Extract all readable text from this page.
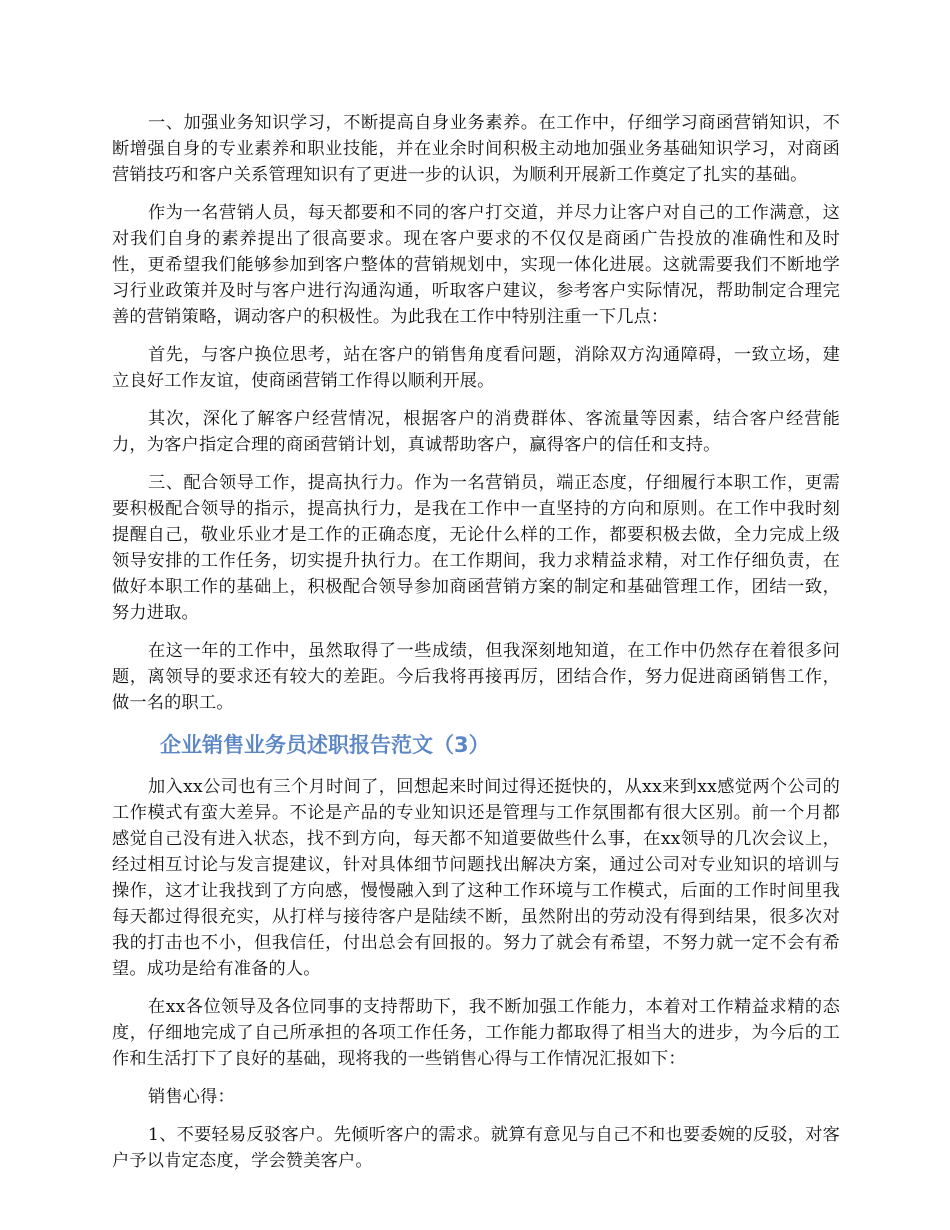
一、加强业务知识学习，不断提高自身业务素养。在工作中，仔细学习商函营销知识，不断增强自身的专业素养和职业技能，并在业余时间积极主动地加强业务基础知识学习，对商函营销技巧和客户关系管理知识有了更进一步的认识，为顺利开展新工作奠定了扎实的基础。

作为一名营销人员，每天都要和不同的客户打交道，并尽力让客户对自己的工作满意，这对我们自身的素养提出了很高要求。现在客户要求的不仅仅是商函广告投放的准确性和及时性，更希望我们能够参加到客户整体的营销规划中，实现一体化进展。这就需要我们不断地学习行业政策并及时与客户进行沟通沟通，听取客户建议，参考客户实际情况，帮助制定合理完善的营销策略，调动客户的积极性。为此我在工作中特别注重一下几点：

首先，与客户换位思考，站在客户的销售角度看问题，消除双方沟通障碍，一致立场，建立良好工作友谊，使商函营销工作得以顺利开展。

其次，深化了解客户经营情况，根据客户的消费群体、客流量等因素，结合客户经营能力，为客户指定合理的商函营销计划，真诚帮助客户，赢得客户的信任和支持。

三、配合领导工作，提高执行力。作为一名营销员，端正态度，仔细履行本职工作，更需要积极配合领导的指示，提高执行力，是我在工作中一直坚持的方向和原则。在工作中我时刻提醒自己，敬业乐业才是工作的正确态度，无论什么样的工作，都要积极去做，全力完成上级领导安排的工作任务，切实提升执行力。在工作期间，我力求精益求精，对工作仔细负责，在做好本职工作的基础上，积极配合领导参加商函营销方案的制定和基础管理工作，团结一致，努力进取。

在这一年的工作中，虽然取得了一些成绩，但我深刻地知道，在工作中仍然存在着很多问题，离领导的要求还有较大的差距。今后我将再接再厉，团结合作，努力促进商函销售工作，做一名的职工。

企业销售业务员述职报告范文（3）

加入xx公司也有三个月时间了，回想起来时间过得还挺快的，从xx来到xx感觉两个公司的工作模式有蛮大差异。不论是产品的专业知识还是管理与工作氛围都有很大区别。前一个月都感觉自己没有进入状态，找不到方向，每天都不知道要做些什么事，在xx领导的几次会议上，经过相互讨论与发言提建议，针对具体细节问题找出解决方案，通过公司对专业知识的培训与操作，这才让我找到了方向感，慢慢融入到了这种工作环境与工作模式，后面的工作时间里我每天都过得很充实，从打样与接待客户是陆续不断，虽然附出的劳动没有得到结果，很多次对我的打击也不小，但我信任，付出总会有回报的。努力了就会有希望，不努力就一定不会有希望。成功是给有准备的人。

在xx各位领导及各位同事的支持帮助下，我不断加强工作能力，本着对工作精益求精的态度，仔细地完成了自己所承担的各项工作任务，工作能力都取得了相当大的进步，为今后的工作和生活打下了良好的基础，现将我的一些销售心得与工作情况汇报如下：

销售心得：

1、不要轻易反驳客户。先倾听客户的需求。就算有意见与自己不和也要委婉的反驳，对客户予以肯定态度，学会赞美客户。
